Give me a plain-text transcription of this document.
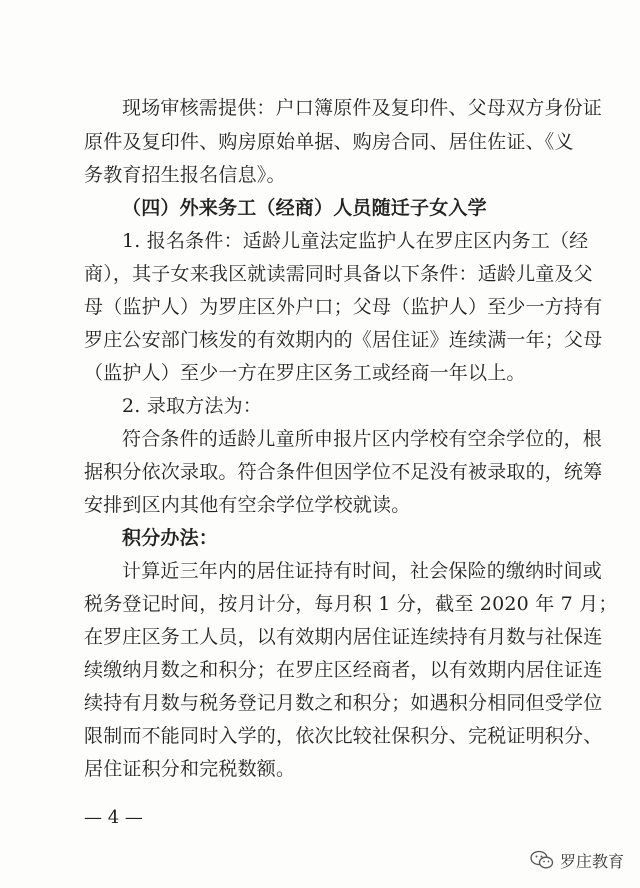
现场审核需提供：户口簿原件及复印件、父母双方身份证
原件及复印件、购房原始单据、购房合同、居住佐证、《义
务教育招生报名信息》。
（四）外来务工（经商）人员随迁子女入学
1. 报名条件：适龄儿童法定监护人在罗庄区内务工（经
商），其子女来我区就读需同时具备以下条件：适龄儿童及父
母（监护人）为罗庄区外户口；父母（监护人）至少一方持有
罗庄公安部门核发的有效期内的《居住证》连续满一年；父母
（监护人）至少一方在罗庄区务工或经商一年以上。
2. 录取方法为：
符合条件的适龄儿童所申报片区内学校有空余学位的，根
据积分依次录取。符合条件但因学位不足没有被录取的，统筹
安排到区内其他有空余学位学校就读。
积分办法：
计算近三年内的居住证持有时间，社会保险的缴纳时间或
税务登记时间，按月计分，每月积 1 分，截至 2020 年 7 月；
在罗庄区务工人员，以有效期内居住证连续持有月数与社保连
续缴纳月数之和积分；在罗庄区经商者，以有效期内居住证连
续持有月数与税务登记月数之和积分；如遇积分相同但受学位
限制而不能同时入学的，依次比较社保积分、完税证明积分、
居住证积分和完税数额。
— 4 —
罗庄教育
